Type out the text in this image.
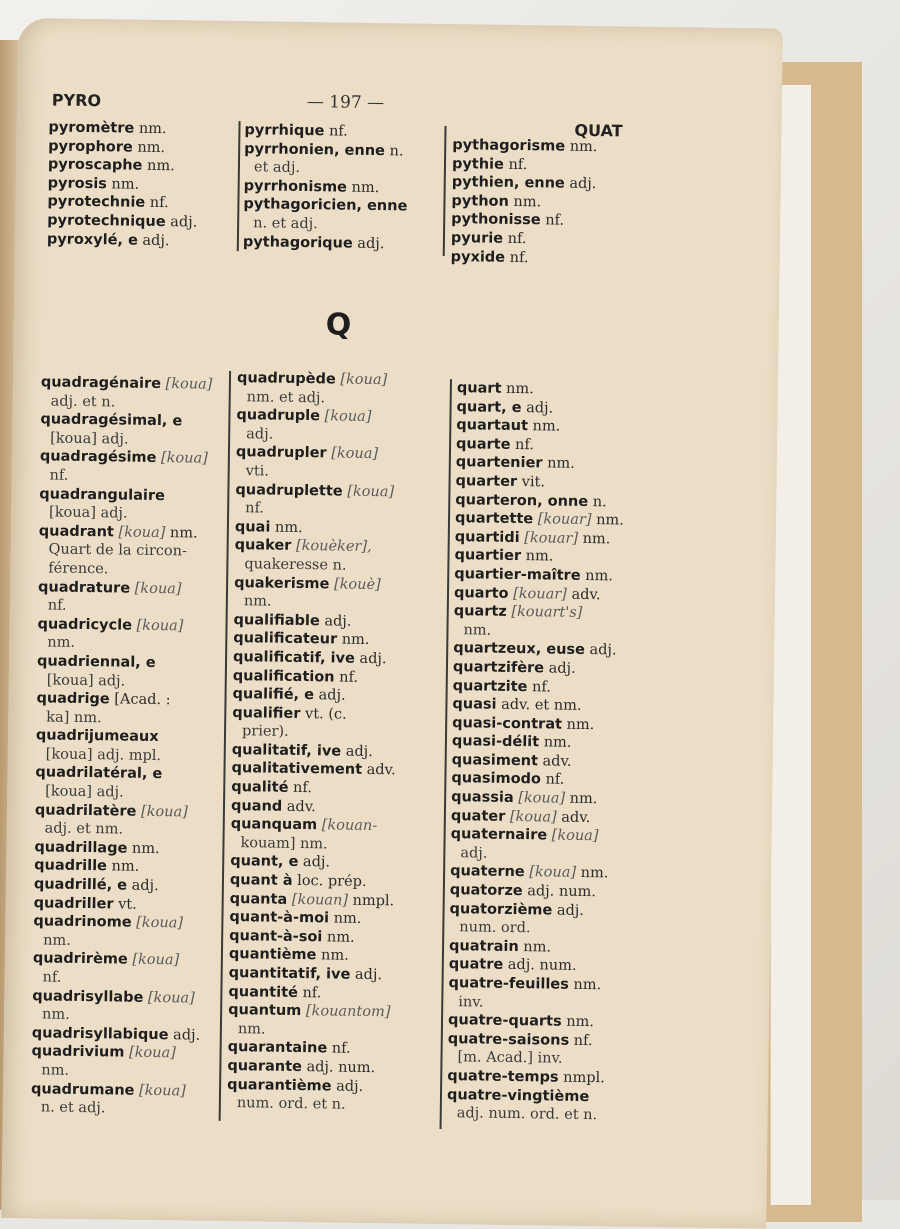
PYRO	— 197 —
QUAT
pyromètre nm.
pyrophore nm.
pyroscaphe nm.
pyrosis nm.
pyrotechnie nf.
pyrotechnique adj.
pyroxylé, e adj.
pyrrhique nf.
pyrrhonien, enne n.
et adj.
pyrrhonisme nm.
pythagoricien, enne
n. et adj.
pythagorique adj.
pythagorisme nm.
pythie nf.
pythien, enne adj.
python nm.
pythonisse nf.
pyurie nf.
pyxide nf.
Q
quadragénaire [koua]
adj. et n.
quadragésimal, e
[koua] adj.
quadragésime [koua]
nf.
quadrangulaire
[koua] adj.
quadrant [koua] nm.
Quart de la circon-
férence.
quadrature [koua]
nf.
quadricycle [koua]
nm.
quadriennal, e
[koua] adj.
quadrige [Acad. :
ka] nm.
quadrijumeaux
[koua] adj. mpl.
quadrilatéral, e
[koua] adj.
quadrilatère [koua]
adj. et nm.
quadrillage nm.
quadrille nm.
quadrillé, e adj.
quadriller vt.
quadrinome [koua]
nm.
quadrirème [koua]
nf.
quadrisyllabe [koua]
nm.
quadrisyllabique adj.
quadrivium [koua]
nm.
quadrumane [koua]
n. et adj.
quadrupède [koua]
nm. et adj.
quadruple [koua]
adj.
quadrupler [koua]
vti.
quadruplette [koua]
nf.
quai nm.
quaker [kouèker],
quakeresse n.
quakerisme [kouè]
nm.
qualifiable adj.
qualificateur nm.
qualificatif, ive adj.
qualification nf.
qualifié, e adj.
qualifier vt. (c.
prier).
qualitatif, ive adj.
qualitativement adv.
qualité nf.
quand adv.
quanquam [kouan-
kouam] nm.
quant, e adj.
quant à loc. prép.
quanta [kouan] nmpl.
quant-à-moi nm.
quant-à-soi nm.
quantième nm.
quantitatif, ive adj.
quantité nf.
quantum [kouantom]
nm.
quarantaine nf.
quarante adj. num.
quarantième adj.
num. ord. et n.
quart nm.
quart, e adj.
quartaut nm.
quarte nf.
quartenier nm.
quarter vit.
quarteron, onne n.
quartette [kouar] nm.
quartidi [kouar] nm.
quartier nm.
quartier-maître nm.
quarto [kouar] adv.
quartz [kouart's]
nm.
quartzeux, euse adj.
quartzifère adj.
quartzite nf.
quasi adv. et nm.
quasi-contrat nm.
quasi-délit nm.
quasiment adv.
quasimodo nf.
quassia [koua] nm.
quater [koua] adv.
quaternaire [koua]
adj.
quaterne [koua] nm.
quatorze adj. num.
quatorzième adj.
num. ord.
quatrain nm.
quatre adj. num.
quatre-feuilles nm.
inv.
quatre-quarts nm.
quatre-saisons nf.
[m. Acad.] inv.
quatre-temps nmpl.
quatre-vingtième
adj. num. ord. et n.
